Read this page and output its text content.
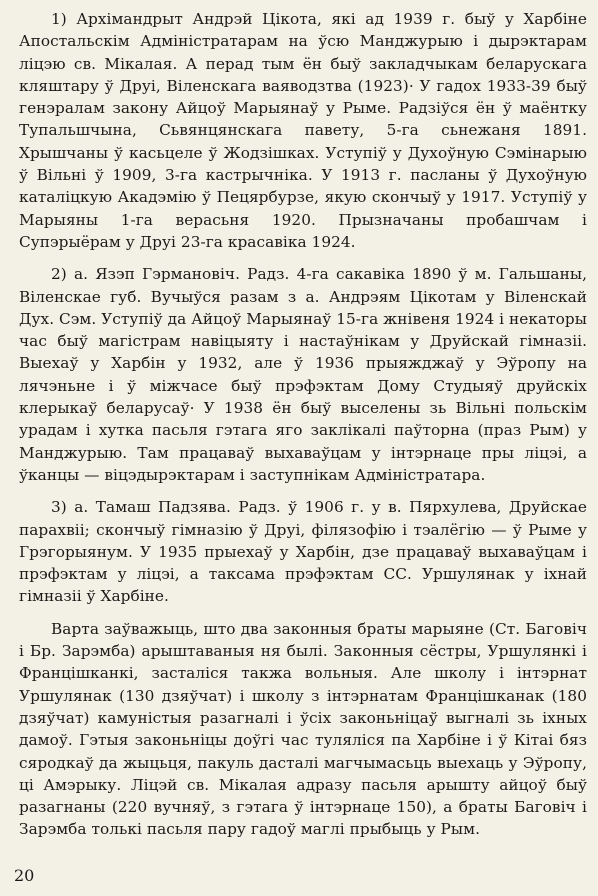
1) Архімандрыт Андрэй Цікота, які ад 1939 г. быў у Харбіне Апостальскім Адміністратарам на ўсю Манджурыю і дырэктарам ліцэю св. Мікалая. А перад тым ён быў закладчыкам беларускага кляштару ў Друі, Віленскага ваяводзтва (1923)· У гадох 1933-39 быў генэралам закону Айцоў Марыянаў у Рыме. Радзіўся ён ў маёнтку Тупальшчына, Сьвянцянскага павету, 5-га сьнежаня 1891. Хрышчаны ў касьцеле ў Жодзішках. Уступіў у Духоўную Сэмінарыю ў Вільні ў 1909, 3-га кастрычніка. У 1913 г. пасланы ў Духоўную каталіцкую Акадэмію ў Пецярбурзе, якую скончыў у 1917. Уступіў у Марыяны 1-га верасьня 1920. Прызначаны пробашчам і Супэрыёрам у Друі 23-га красавіка 1924.

2) а. Язэп Гэрмановіч. Радз. 4-га сакавіка 1890 ў м. Гальшаны, Віленскае губ. Вучыўся разам з а. Андрэям Цікотам у Віленскай Дух. Сэм. Уступіў да Айцоў Марыянаў 15-га жнівеня 1924 і некаторы час быў магістрам навіцыяту і настаўнікам у Друйскай гімназіі. Выехаў у Харбін у 1932, але ў 1936 прыяжджаў у Эўропу на лячэньне і ў міжчасе быў прэфэктам Дому Студыяў друйскіх клерыкаў беларусаў· У 1938 ён быў выселены зь Вільні польскім урадам і хутка пасьля гэтага яго заклікалі паўторна (праз Рым) у Манджурыю. Там працаваў выхаваўцам у інтэрнаце пры ліцэі, а ўканцы — віцэдырэктарам і заступнікам Адміністратара.

3) а. Тамаш Падзява. Радз. ў 1906 г. у в. Пярхулева, Друйскае парахвіі; скончыў гімназію ў Друі, філязофію і тэалёгію — ў Рыме у Грэгорыянум. У 1935 прыехаў у Харбін, дзе працаваў выхаваўцам і прэфэктам у ліцэі, а таксама прэфэктам СС. Уршулянак у іхнай гімназіі ў Харбіне.

Варта заўважыць, што два законныя браты марыяне (Ст. Баговіч і Бр. Зарэмба) арыштаваныя ня былі. Законныя сёстры, Уршулянкі і Францішканкі, засталіся такжа вольныя. Але школу і інтэрнат Уршулянак (130 дзяўчат) і школу з інтэрнатам Францішканак (180 дзяўчат) камуністыя разагналі і ўсіх законьніцаў выгналі зь іхных дамоў. Гэтыя законьніцы доўгі час туляліся па Харбіне і ў Кітаі бяз сяродкаў да жыцьця, пакуль дасталі магчымасьць выехаць у Эўропу, ці Амэрыку. Ліцэй св. Мікалая адразу пасьля арышту айцоў быў разагнаны (220 вучняў, з гэтага ў інтэрнаце 150), а браты Баговіч і Зарэмба толькі пасьля пару гадоў маглі прыбыць у Рым.

20
